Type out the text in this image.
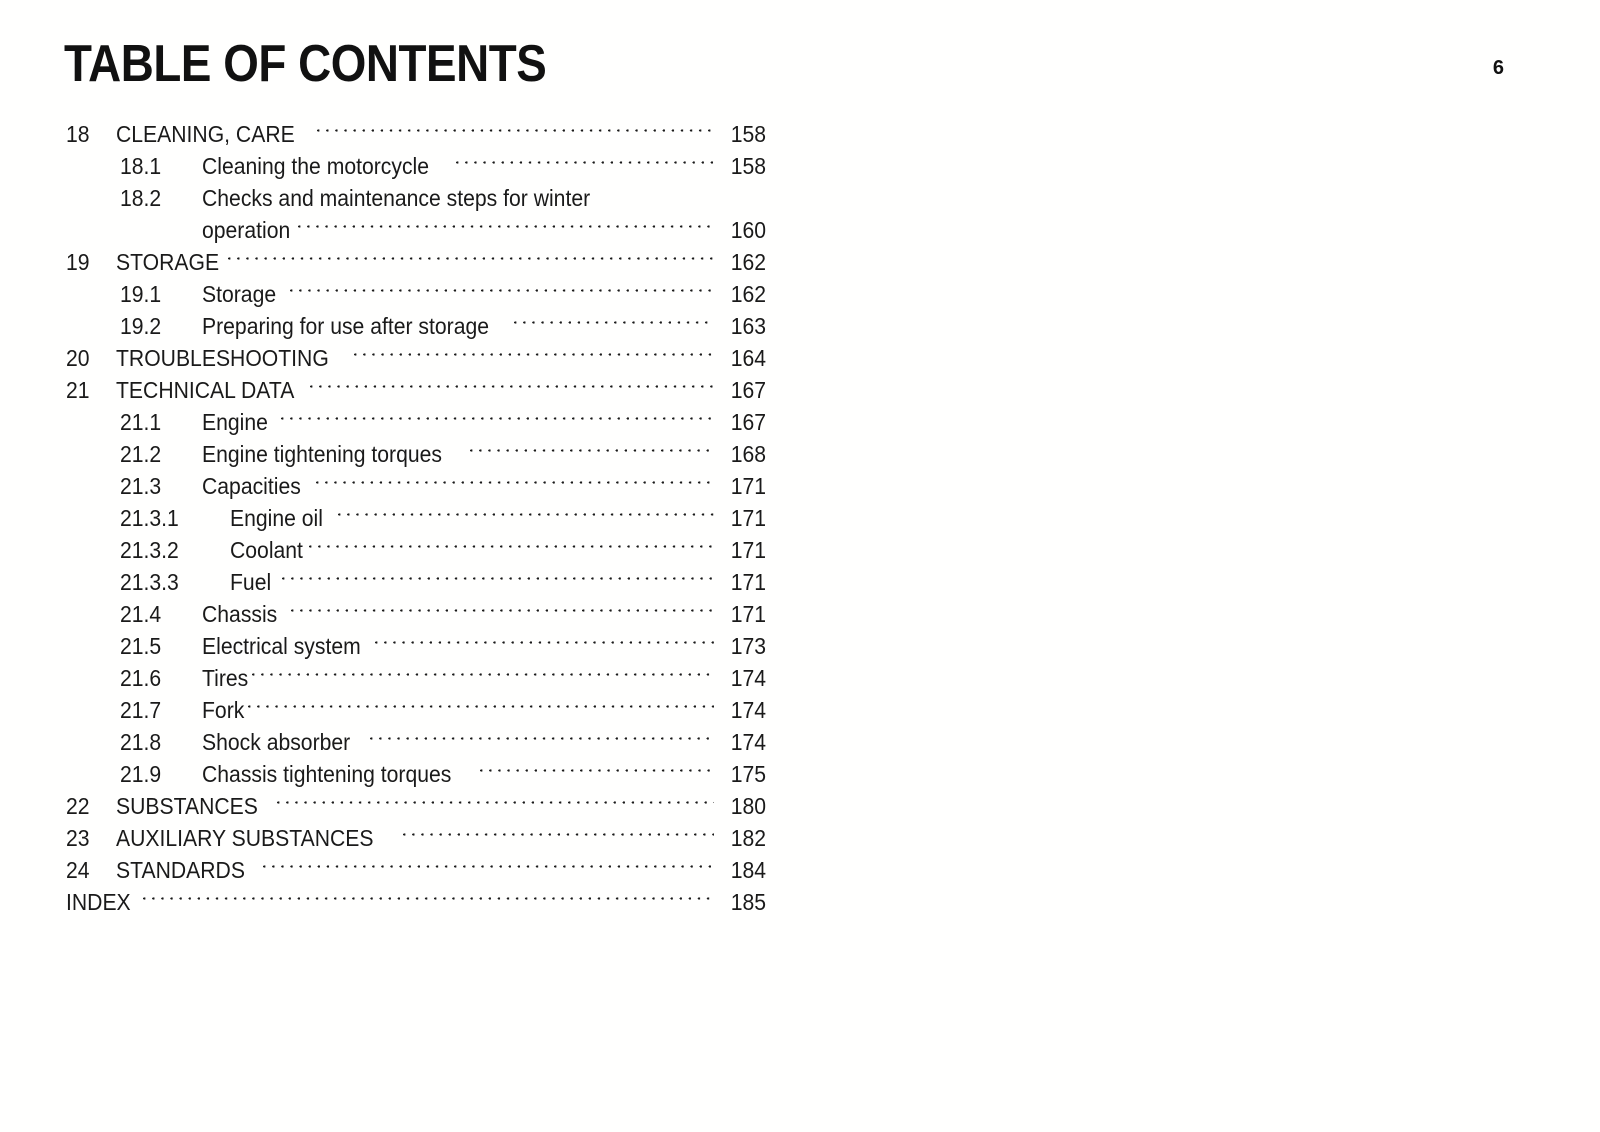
TABLE OF CONTENTS	6
18 CLEANING, CARE	158
18.1 Cleaning the motorcycle	158
18.2 Checks and maintenance steps for winter
operation	160
19 STORAGE	162
19.1 Storage	162
19.2 Preparing for use after storage	163
20 TROUBLESHOOTING	164
21 TECHNICAL DATA	167
21.1 Engine	167
21.2 Engine tightening torques	168
21.3 Capacities	171
21.3.1 Engine oil	171
21.3.2 Coolant	171
21.3.3 Fuel	171
21.4 Chassis	171
21.5 Electrical system	173
21.6 Tires	174
21.7 Fork	174
21.8 Shock absorber	174
21.9 Chassis tightening torques	175
22 SUBSTANCES	180
23 AUXILIARY SUBSTANCES	182
24 STANDARDS	184
INDEX	185
